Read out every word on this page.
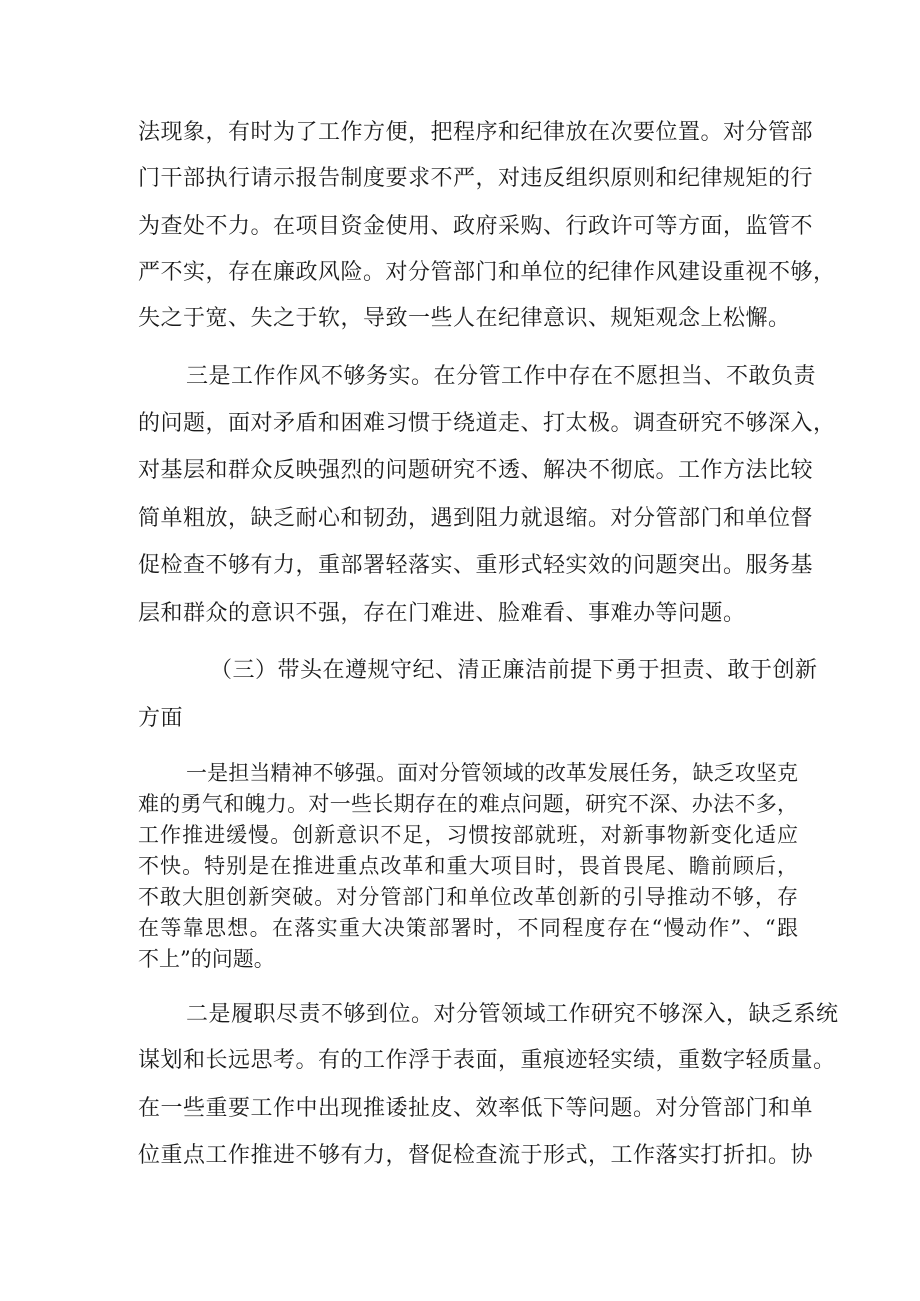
法现象，有时为了工作方便，把程序和纪律放在次要位置。对分管部
门干部执行请示报告制度要求不严，对违反组织原则和纪律规矩的行
为查处不力。在项目资金使用、政府采购、行政许可等方面，监管不
严不实，存在廉政风险。对分管部门和单位的纪律作风建设重视不够，
失之于宽、失之于软，导致一些人在纪律意识、规矩观念上松懈。
三是工作作风不够务实。在分管工作中存在不愿担当、不敢负责
的问题，面对矛盾和困难习惯于绕道走、打太极。调查研究不够深入，
对基层和群众反映强烈的问题研究不透、解决不彻底。工作方法比较
简单粗放，缺乏耐心和韧劲，遇到阻力就退缩。对分管部门和单位督
促检查不够有力，重部署轻落实、重形式轻实效的问题突出。服务基
层和群众的意识不强，存在门难进、脸难看、事难办等问题。
（三）带头在遵规守纪、清正廉洁前提下勇于担责、敢于创新
方面
一是担当精神不够强。面对分管领域的改革发展任务，缺乏攻坚克
难的勇气和魄力。对一些长期存在的难点问题，研究不深、办法不多，
工作推进缓慢。创新意识不足，习惯按部就班，对新事物新变化适应
不快。特别是在推进重点改革和重大项目时，畏首畏尾、瞻前顾后，
不敢大胆创新突破。对分管部门和单位改革创新的引导推动不够，存
在等靠思想。在落实重大决策部署时，不同程度存在“慢动作”、“跟
不上”的问题。
二是履职尽责不够到位。对分管领域工作研究不够深入，缺乏系统
谋划和长远思考。有的工作浮于表面，重痕迹轻实绩，重数字轻质量。
在一些重要工作中出现推诿扯皮、效率低下等问题。对分管部门和单
位重点工作推进不够有力，督促检查流于形式，工作落实打折扣。协
